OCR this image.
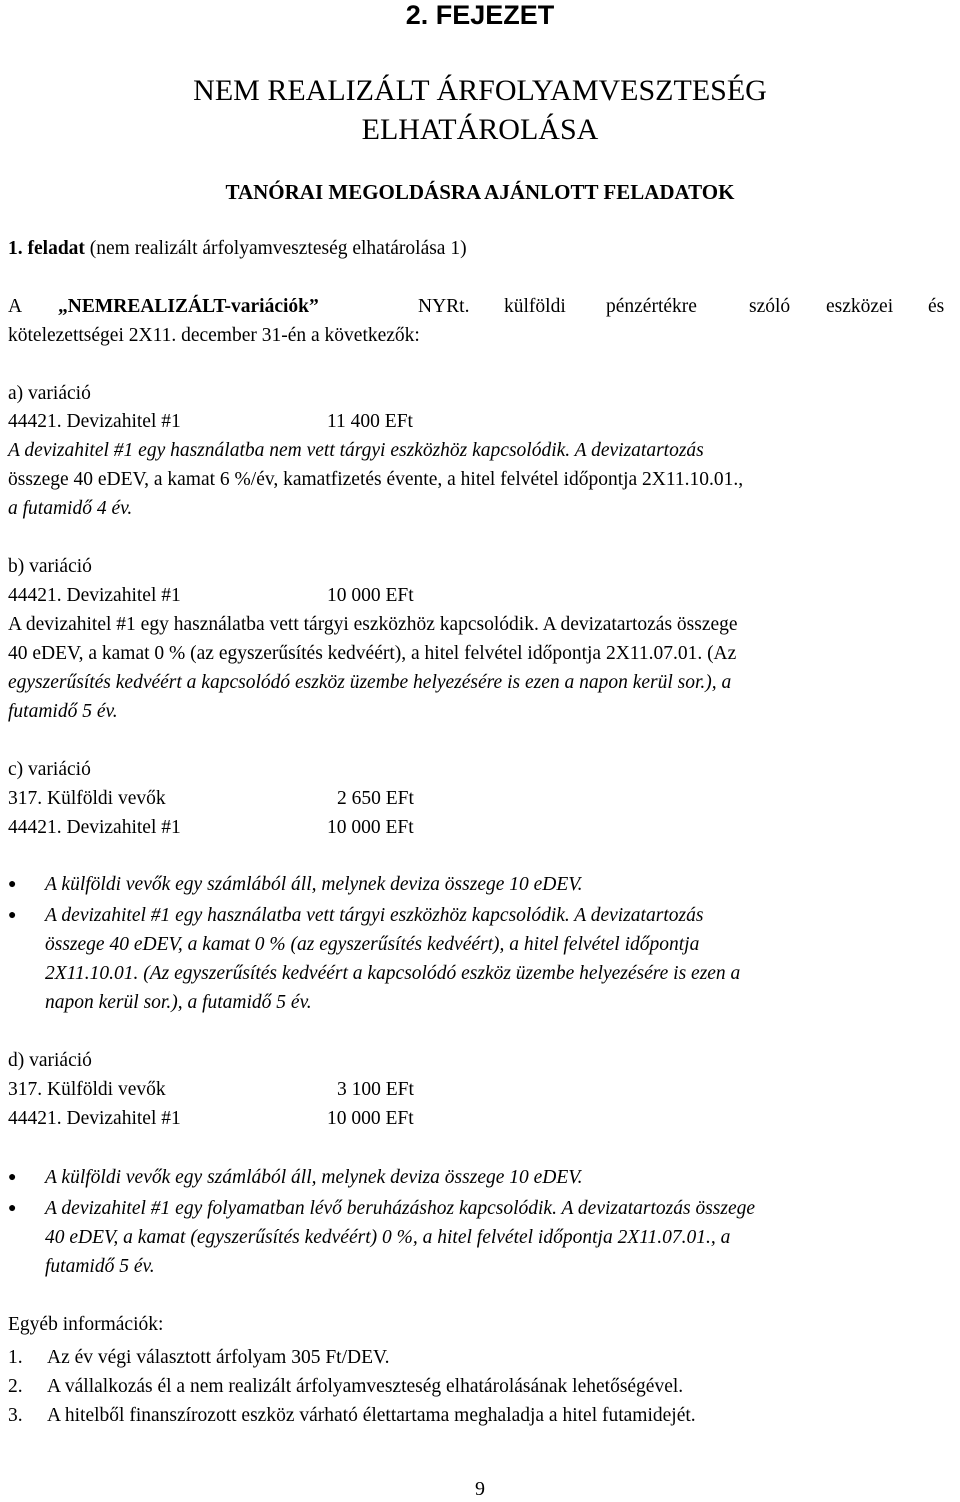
2. FEJEZET
NEM REALIZÁLT ÁRFOLYAMVESZTESÉG
ELHATÁROLÁSA
TANÓRAI MEGOLDÁSRA AJÁNLOTT FELADATOK
1. feladat (nem realizált árfolyamveszteség elhatárolása 1)
A „NEMREALIZÁLT-variációk”	NYRt. külföldi pénzértékre	szóló eszközei és
kötelezettségei 2X11. december 31-én a következők:
a) variáció
44421. Devizahitel #1	11 400 EFt
A devizahitel #1 egy használatba nem vett tárgyi eszközhöz kapcsolódik. A devizatartozás
összege 40 eDEV, a kamat 6 %/év, kamatfizetés évente, a hitel felvétel időpontja 2X11.10.01.,
a futamidő 4 év.
b) variáció
44421. Devizahitel #1	10 000 EFt
A devizahitel #1 egy használatba vett tárgyi eszközhöz kapcsolódik. A devizatartozás összege
40 eDEV, a kamat 0 % (az egyszerűsítés kedvéért), a hitel felvétel időpontja 2X11.07.01. (Az
egyszerűsítés kedvéért a kapcsolódó eszköz üzembe helyezésére is ezen a napon kerül sor.), a
futamidő 5 év.
c) variáció
317. Külföldi vevők	2 650 EFt
44421. Devizahitel #1	10 000 EFt
● A külföldi vevők egy számlából áll, melynek deviza összege 10 eDEV.
● A devizahitel #1 egy használatba vett tárgyi eszközhöz kapcsolódik. A devizatartozás
összege 40 eDEV, a kamat 0 % (az egyszerűsítés kedvéért), a hitel felvétel időpontja
2X11.10.01. (Az egyszerűsítés kedvéért a kapcsolódó eszköz üzembe helyezésére is ezen a
napon kerül sor.), a futamidő 5 év.
d) variáció
317. Külföldi vevők	3 100 EFt
44421. Devizahitel #1	10 000 EFt
● A külföldi vevők egy számlából áll, melynek deviza összege 10 eDEV.
● A devizahitel #1 egy folyamatban lévő beruházáshoz kapcsolódik. A devizatartozás összege
40 eDEV, a kamat (egyszerűsítés kedvéért) 0 %, a hitel felvétel időpontja 2X11.07.01., a
futamidő 5 év.
Egyéb információk:
1. Az év végi választott árfolyam 305 Ft/DEV.
2. A vállalkozás él a nem realizált árfolyamveszteség elhatárolásának lehetőségével.
3. A hitelből finanszírozott eszköz várható élettartama meghaladja a hitel futamidejét.
9
